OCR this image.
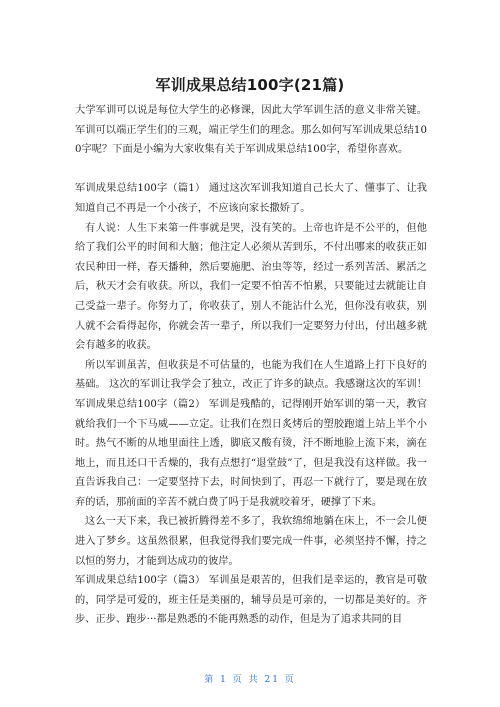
军训成果总结100字(21篇)

大学军训可以说是每位大学生的必修课，因此大学军训生活的意义非常关键。军训可以端正学生们的三观，端正学生们的理念。那么如何写军训成果总结100字呢？下面是小编为大家收集有关于军训成果总结100字，希望你喜欢。

军训成果总结100字（篇1） 通过这次军训我知道自己长大了、懂事了、让我知道自己不再是一个小孩子，不应该向家长撒娇了。

有人说：人生下来第一件事就是哭，没有笑的。上帝也许是不公平的，但他给了我们公平的时间和大脑；他注定人必须从苦到乐，不付出哪来的收获正如农民种田一样，春天播种，然后要施肥、治虫等等，经过一系列苦活、累活之后，秋天才会有收获。所以，我们一定要不怕苦不怕累，只要能过去就能让自己受益一辈子。你努力了，你收获了，别人不能沾什么光，但你没有收获，别人就不会看得起你，你就会苦一辈子，所以我们一定要努力付出，付出越多就会有越多的收获。

所以军训虽苦，但收获是不可估量的，也能为我们在人生道路上打下良好的基础。 这次的军训让我学会了独立，改正了许多的缺点。我感谢这次的军训！军训成果总结100字（篇2） 军训是残酷的，记得刚开始军训的第一天，教官就给我们一个下马威——立定。让我们在烈日炙烤后的塑胶跑道上站上半个小时。热气不断的从地里面往上透，脚底又酸有烫，汗不断地脸上流下来，滴在地上，而且还口干舌燥的，我有点想打“退堂鼓”了，但是我没有这样做。我一直告诉我自己：一定要坚持下去，时间快到了，再忍一下就行了，要是现在放弃的话，那前面的辛苦不就白费了吗于是我就咬着牙，硬撑了下来。

这么一天下来，我已被折腾得差不多了，我软绵绵地躺在床上，不一会儿便进入了梦乡。这虽然很累，但我觉得我们要完成一件事，必须坚持不懈，持之以恒的努力，才能到达成功的彼岸。

军训成果总结100字（篇3） 军训虽是艰苦的，但我们是幸运的，教官是可敬的，同学是可爱的，班主任是美丽的，辅导员是可亲的，一切都是美好的。齐步、正步、跑步···都是熟悉的不能再熟悉的动作，但是为了追求共同的目

第 1 页 共 21 页
